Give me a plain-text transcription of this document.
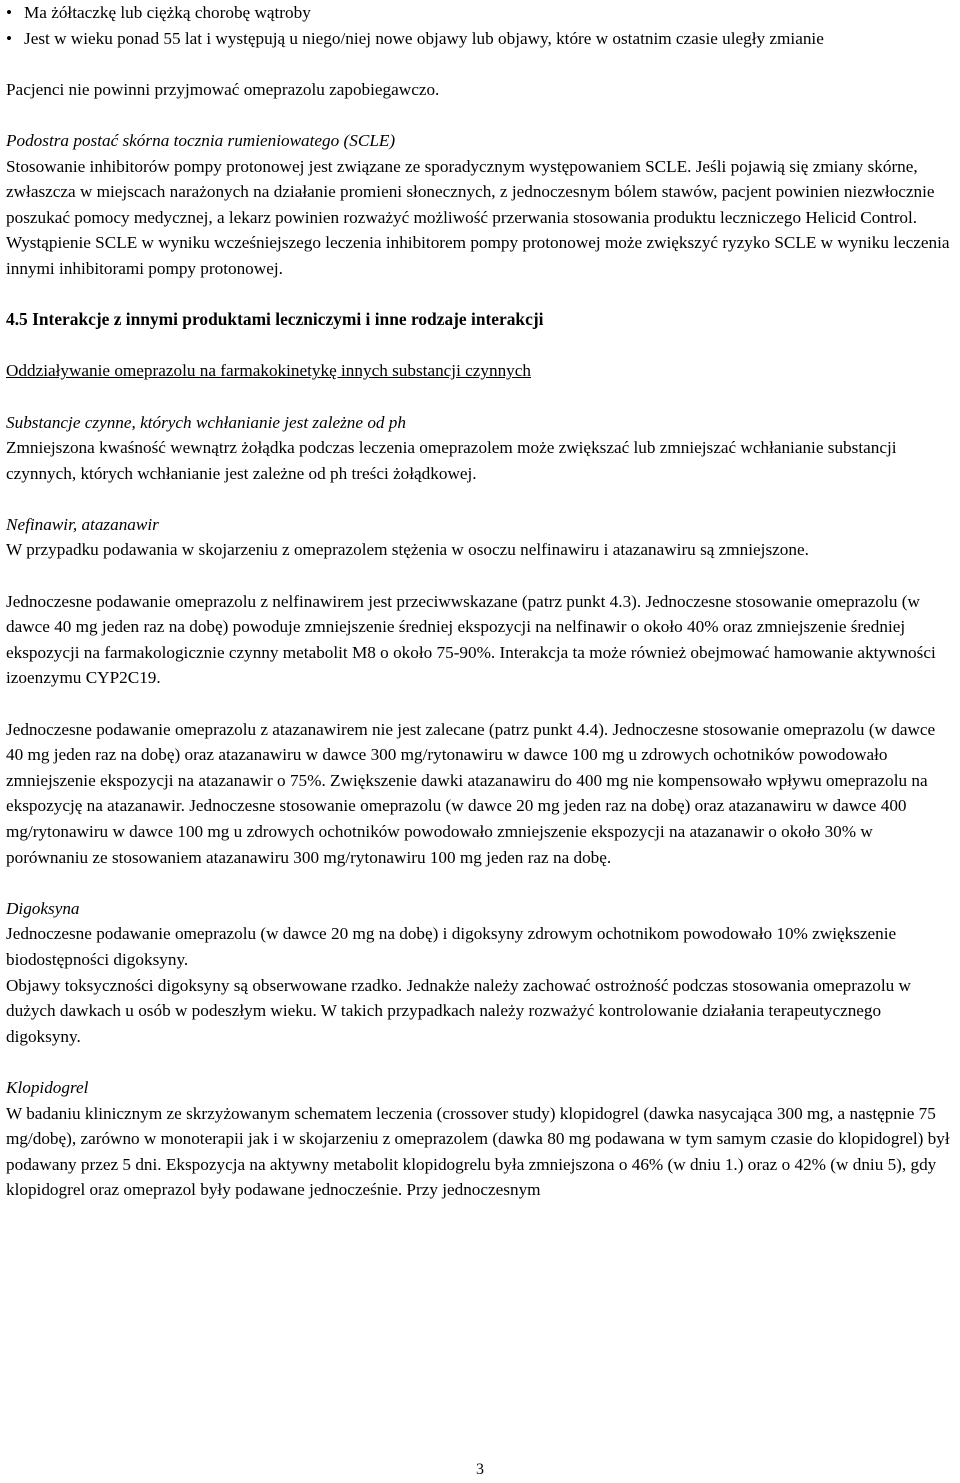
• Ma żółtaczkę lub ciężką chorobę wątroby
• Jest w wieku ponad 55 lat i występują u niego/niej nowe objawy lub objawy, które w ostatnim czasie uległy zmianie

Pacjenci nie powinni przyjmować omeprazolu zapobiegawczo.

Podostra postać skórna tocznia rumieniowatego (SCLE)

Stosowanie inhibitorów pompy protonowej jest związane ze sporadycznym występowaniem SCLE. Jeśli pojawią się zmiany skórne, zwłaszcza w miejscach narażonych na działanie promieni słonecznych, z jednoczesnym bólem stawów, pacjent powinien niezwłocznie poszukać pomocy medycznej, a lekarz powinien rozważyć możliwość przerwania stosowania produktu leczniczego Helicid Control. Wystąpienie SCLE w wyniku wcześniejszego leczenia inhibitorem pompy protonowej może zwiększyć ryzyko SCLE w wyniku leczenia innymi inhibitorami pompy protonowej.

4.5 Interakcje z innymi produktami leczniczymi i inne rodzaje interakcji

Oddziaływanie omeprazolu na farmakokinetykę innych substancji czynnych

Substancje czynne, których wchłanianie jest zależne od ph

Zmniejszona kwaśność wewnątrz żołądka podczas leczenia omeprazolem może zwiększać lub zmniejszać wchłanianie substancji czynnych, których wchłanianie jest zależne od ph treści żołądkowej.

Nefinawir, atazanawir

W przypadku podawania w skojarzeniu z omeprazolem stężenia w osoczu nelfinawiru i atazanawiru są zmniejszone.

Jednoczesne podawanie omeprazolu z nelfinawirem jest przeciwwskazane (patrz punkt 4.3). Jednoczesne stosowanie omeprazolu (w dawce 40 mg jeden raz na dobę) powoduje zmniejszenie średniej ekspozycji na nelfinawir o około 40% oraz zmniejszenie średniej ekspozycji na farmakologicznie czynny metabolit M8 o około 75-90%. Interakcja ta może również obejmować hamowanie aktywności izoenzymu CYP2C19.

Jednoczesne podawanie omeprazolu z atazanawirem nie jest zalecane (patrz punkt 4.4). Jednoczesne stosowanie omeprazolu (w dawce 40 mg jeden raz na dobę) oraz atazanawiru w dawce 300 mg/rytonawiru w dawce 100 mg u zdrowych ochotników powodowało zmniejszenie ekspozycji na atazanawir o 75%. Zwiększenie dawki atazanawiru do 400 mg nie kompensowało wpływu omeprazolu na ekspozycję na atazanawir. Jednoczesne stosowanie omeprazolu (w dawce 20 mg jeden raz na dobę) oraz atazanawiru w dawce 400 mg/rytonawiru w dawce 100 mg u zdrowych ochotników powodowało zmniejszenie ekspozycji na atazanawir o około 30% w porównaniu ze stosowaniem atazanawiru 300 mg/rytonawiru 100 mg jeden raz na dobę.

Digoksyna

Jednoczesne podawanie omeprazolu (w dawce 20 mg na dobę) i digoksyny zdrowym ochotnikom powodowało 10% zwiększenie biodostępności digoksyny.

Objawy toksyczności digoksyny są obserwowane rzadko. Jednakże należy zachować ostrożność podczas stosowania omeprazolu w dużych dawkach u osób w podeszłym wieku. W takich przypadkach należy rozważyć kontrolowanie działania terapeutycznego digoksyny.

Klopidogrel

W badaniu klinicznym ze skrzyżowanym schematem leczenia (crossover study) klopidogrel (dawka nasycająca 300 mg, a następnie 75 mg/dobę), zarówno w monoterapii jak i w skojarzeniu z omeprazolem (dawka 80 mg podawana w tym samym czasie do klopidogrel) był podawany przez 5 dni. Ekspozycja na aktywny metabolit klopidogrelu była zmniejszona o 46% (w dniu 1.) oraz o 42% (w dniu 5), gdy klopidogrel oraz omeprazol były podawane jednocześnie. Przy jednoczesnym

3
